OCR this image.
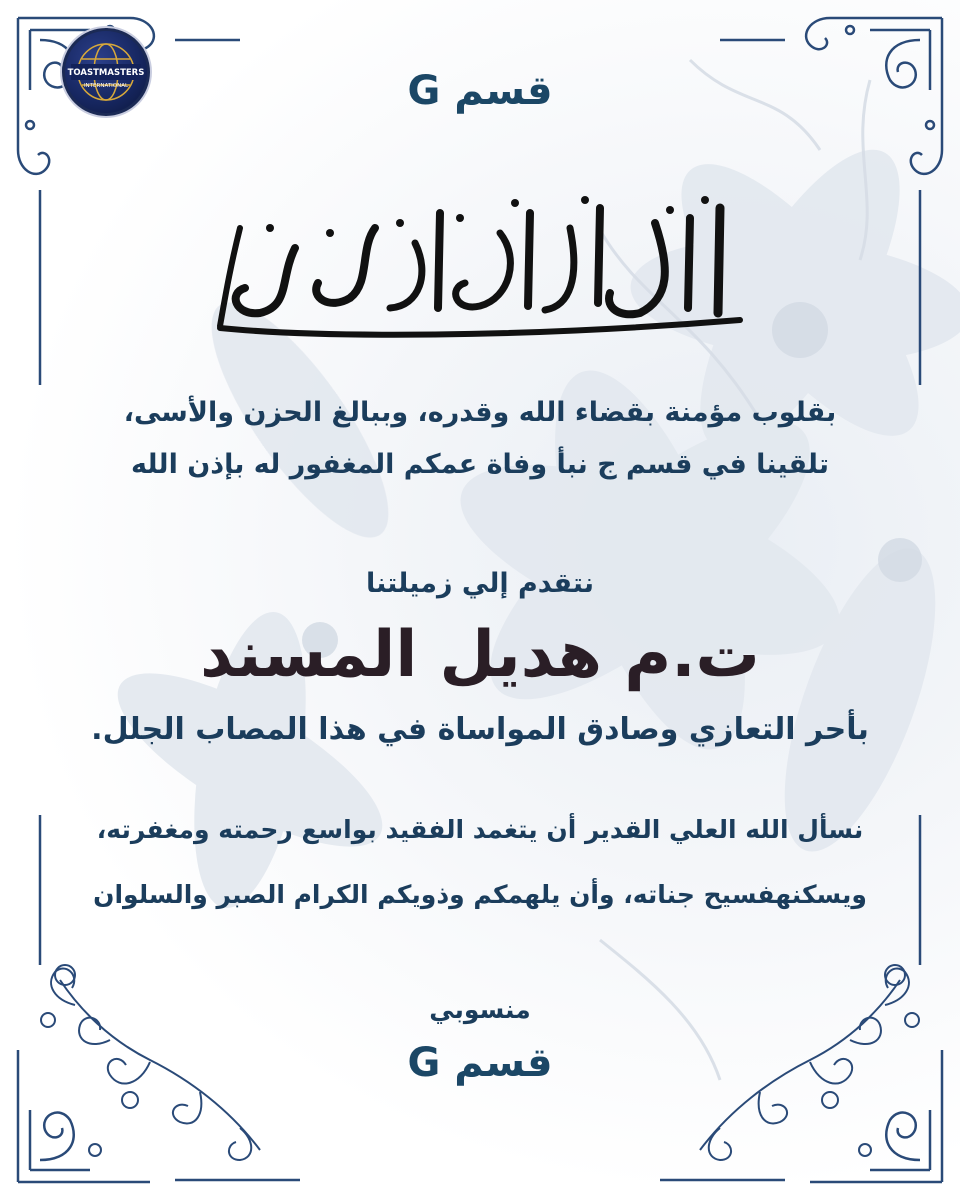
TOASTMASTERS
INTERNATIONAL	قسم G
إنا لله وإنا إليه راجعون
بقلوب مؤمنة بقضاء الله وقدره، وببالغ الحزن والأسى،
تلقينا في قسم ج نبأ وفاة عمكم المغفور له بإذن الله
نتقدم إلي زميلتنا
ت.م هديل المسند
بأحر التعازي وصادق المواساة في هذا المصاب الجلل.
نسأل الله العلي القدير أن يتغمد الفقيد بواسع رحمته ومغفرته،
ويسكنهفسيح جناته، وأن يلهمكم وذويكم الكرام الصبر والسلوان
منسوبي
قسم G
